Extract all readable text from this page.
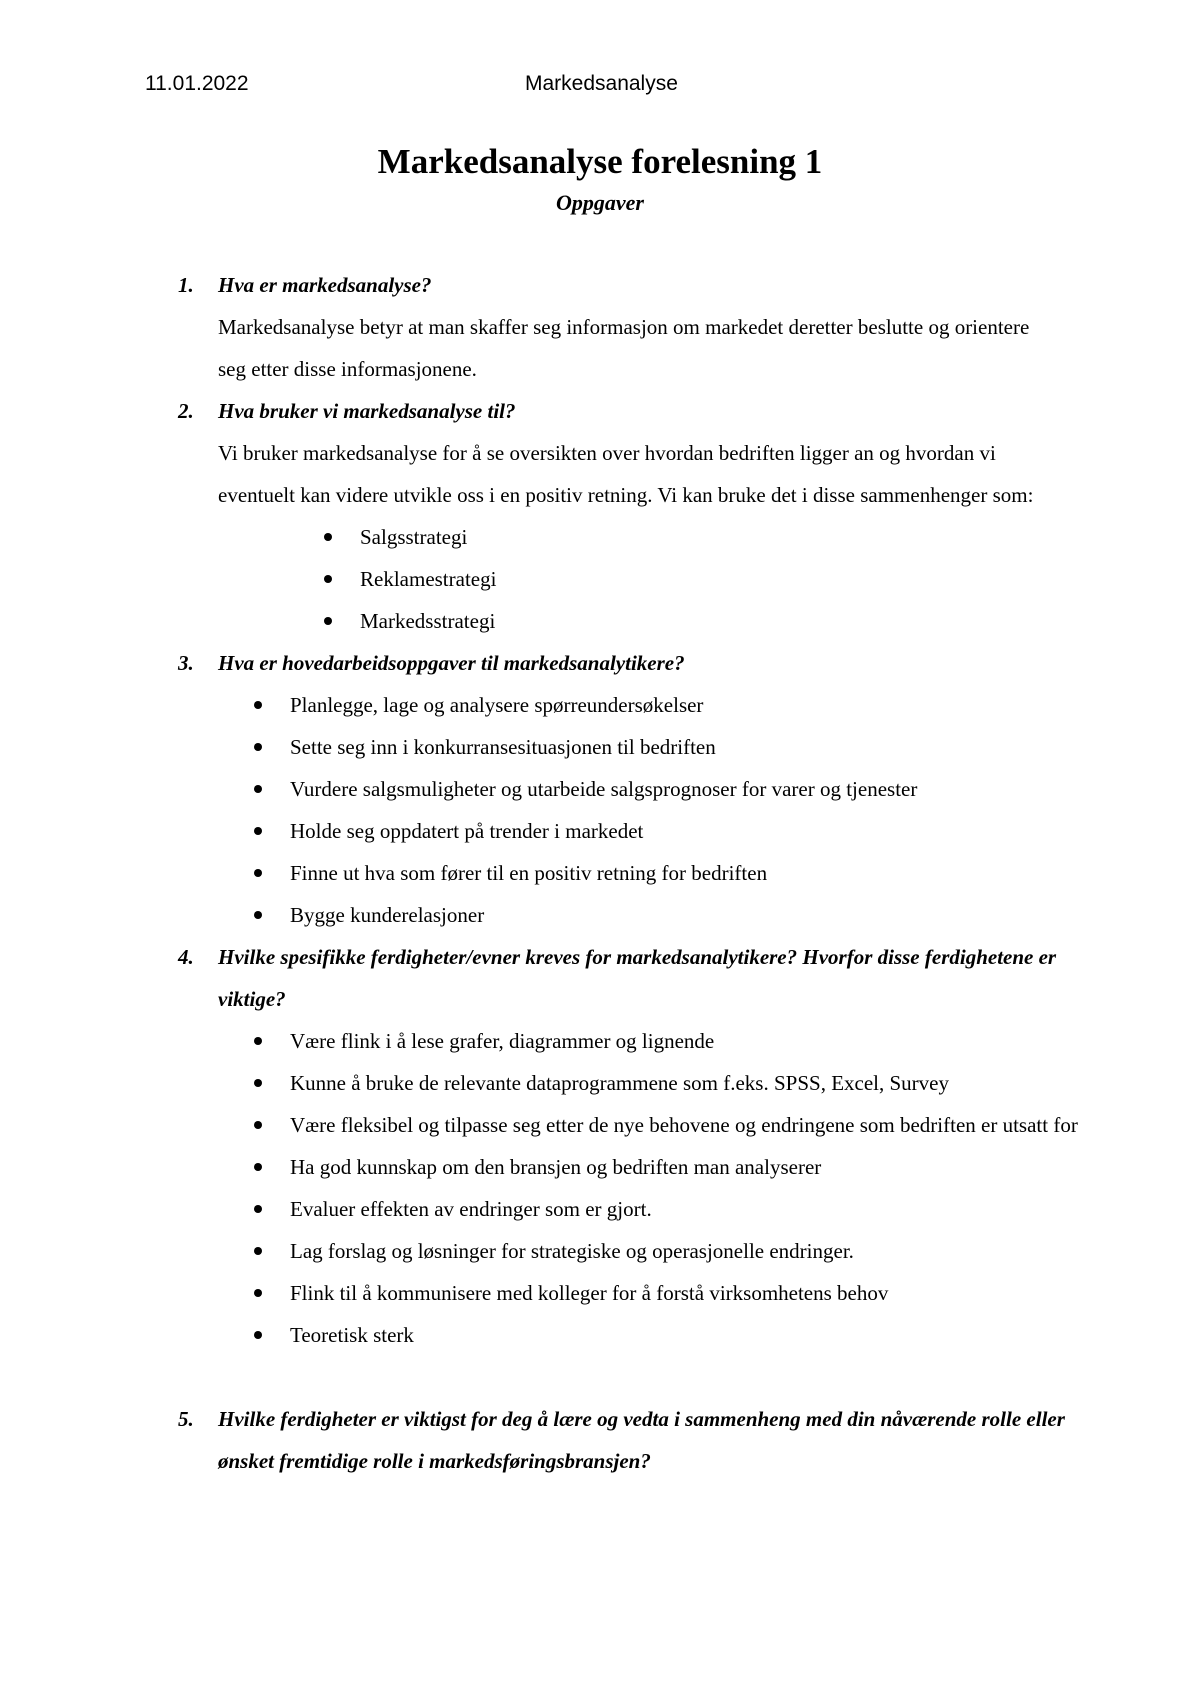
11.01.2022	Markedsanalyse
Markedsanalyse forelesning 1
Oppgaver
1. Hva er markedsanalyse?
Markedsanalyse betyr at man skaffer seg informasjon om markedet deretter beslutte og orientere seg etter disse informasjonene.
2. Hva bruker vi markedsanalyse til?
Vi bruker markedsanalyse for å se oversikten over hvordan bedriften ligger an og hvordan vi eventuelt kan videre utvikle oss i en positiv retning. Vi kan bruke det i disse sammenhenger som:
Salgsstrategi
Reklamestrategi
Markedsstrategi
3. Hva er hovedarbeidsoppgaver til markedsanalytikere?
Planlegge, lage og analysere spørreundersøkelser
Sette seg inn i konkurransesituasjonen til bedriften
Vurdere salgsmuligheter og utarbeide salgsprognoser for varer og tjenester
Holde seg oppdatert på trender i markedet
Finne ut hva som fører til en positiv retning for bedriften
Bygge kunderelasjoner
4. Hvilke spesifikke ferdigheter/evner kreves for markedsanalytikere? Hvorfor disse ferdighetene er viktige?
Være flink i å lese grafer, diagrammer og lignende
Kunne å bruke de relevante dataprogrammene som f.eks. SPSS, Excel, Survey
Være fleksibel og tilpasse seg etter de nye behovene og endringene som bedriften er utsatt for
Ha god kunnskap om den bransjen og bedriften man analyserer
Evaluer effekten av endringer som er gjort.
Lag forslag og løsninger for strategiske og operasjonelle endringer.
Flink til å kommunisere med kolleger for å forstå virksomhetens behov
Teoretisk sterk
5. Hvilke ferdigheter er viktigst for deg å lære og vedta i sammenheng med din nåværende rolle eller ønsket fremtidige rolle i markedsføringsbransjen?
